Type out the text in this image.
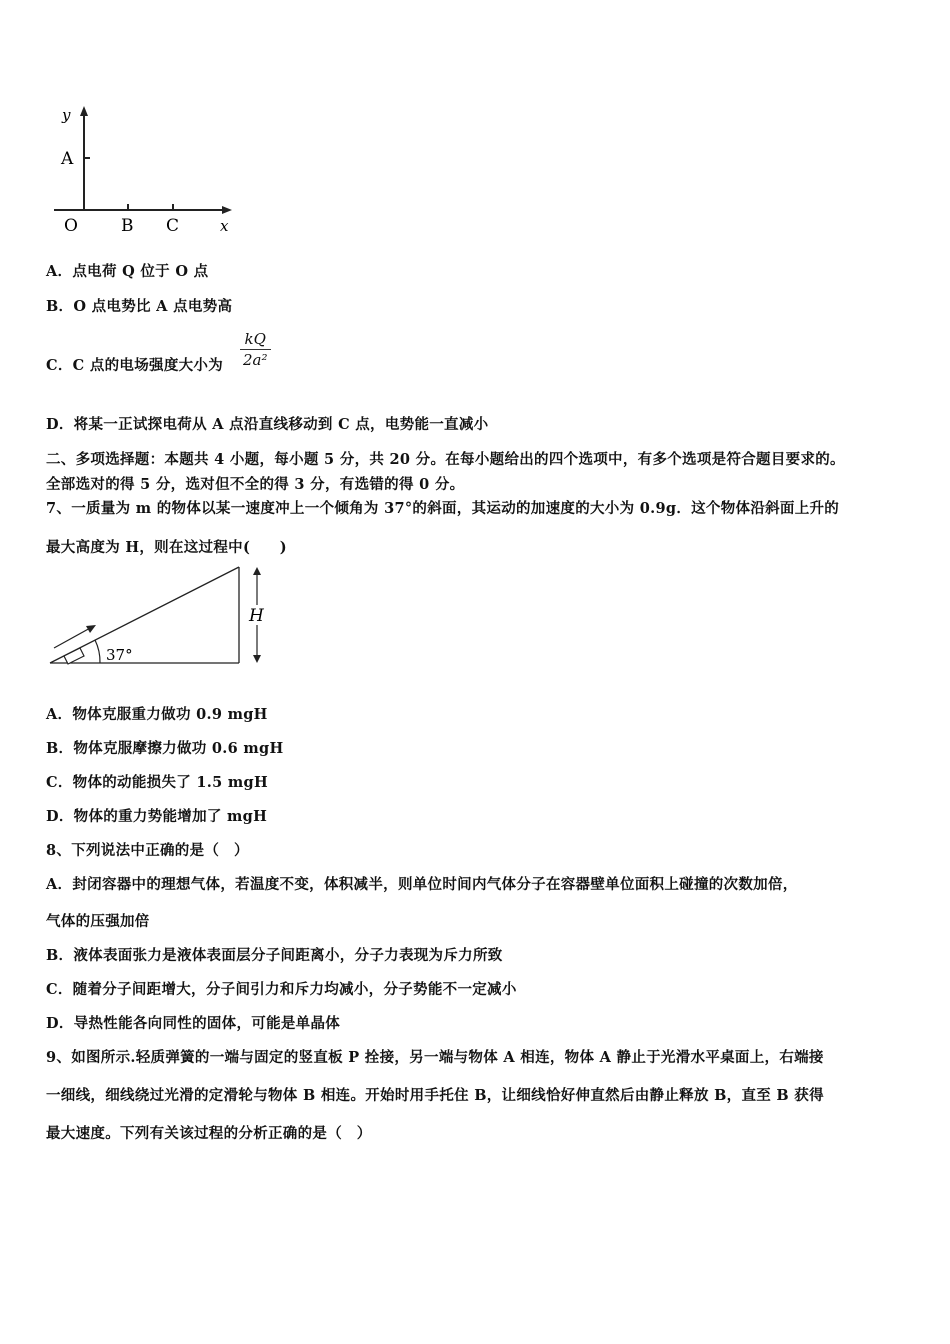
y
x
O
A
B C
A．点电荷 Q 位于 O 点
B．O 点电势比 A 点电势高
C．C 点的电场强度大小为
kQ
2a²
D．将某一正试探电荷从 A 点沿直线移动到 C 点，电势能一直减小
二、多项选择题：本题共 4 小题，每小题 5 分，共 20 分。在每小题给出的四个选项中，有多个选项是符合题目要求的。
全部选对的得 5 分，选对但不全的得 3 分，有选错的得 0 分。
7、一质量为 m 的物体以某一速度冲上一个倾角为 37°的斜面，其运动的加速度的大小为 0.9g．这个物体沿斜面上升的
最大高度为 H，则在这过程中(　　)
37°
H
A．物体克服重力做功 0.9 mgH
B．物体克服摩擦力做功 0.6 mgH
C．物体的动能损失了 1.5 mgH
D．物体的重力势能增加了 mgH
8、下列说法中正确的是（　）
A．封闭容器中的理想气体，若温度不变，体积减半，则单位时间内气体分子在容器壁单位面积上碰撞的次数加倍，
气体的压强加倍
B．液体表面张力是液体表面层分子间距离小，分子力表现为斥力所致
C．随着分子间距增大，分子间引力和斥力均减小，分子势能不一定减小
D．导热性能各向同性的固体，可能是单晶体
9、如图所示.轻质弹簧的一端与固定的竖直板 P 拴接，另一端与物体 A 相连，物体 A 静止于光滑水平桌面上，右端接
一细线，细线绕过光滑的定滑轮与物体 B 相连。开始时用手托住 B，让细线恰好伸直然后由静止释放 B，直至 B 获得
最大速度。下列有关该过程的分析正确的是（　）
